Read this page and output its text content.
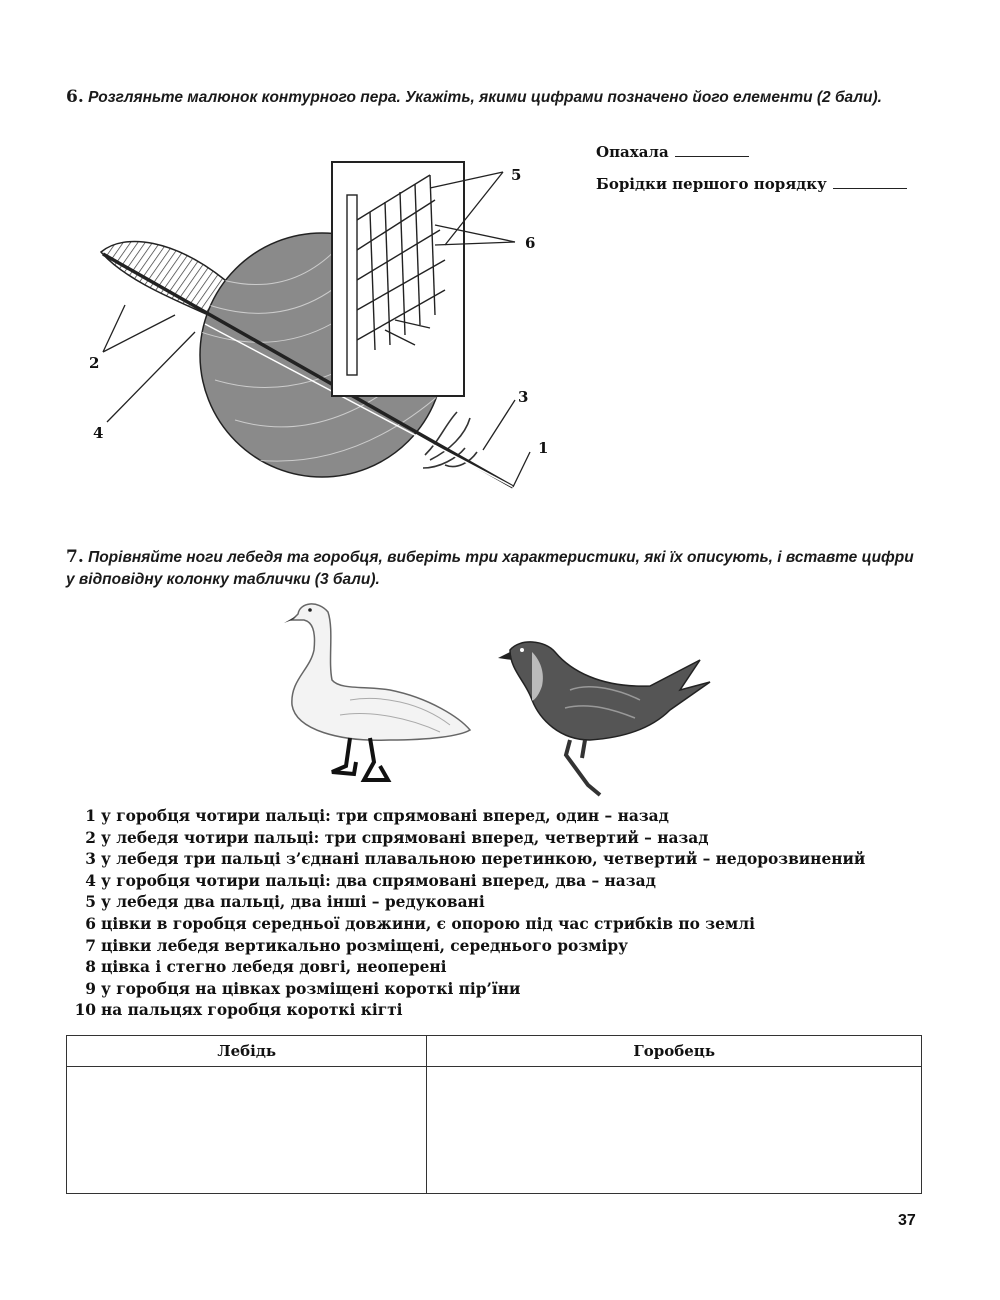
6. Розгляньте малюнок контурного пера. Укажіть, якими цифрами позначено його елементи (2 бали).
Опахала
Борідки першого порядку
5
6
2
4
3
1
7. Порівняйте ноги лебедя та горобця, виберіть три характеристики, які їх описують, і вставте цифри у відповідну колонку таблички (3 бали).
1 у горобця чотири пальці: три спрямовані вперед, один – назад
2 у лебедя чотири пальці: три спрямовані вперед, четвертий – назад
3 у лебедя три пальці з’єднані плавальною перетинкою, четвертий – недорозвинений
4 у горобця чотири пальці: два спрямовані вперед, два – назад
5 у лебедя два пальці, два інші – редуковані
6 цівки в горобця середньої довжини, є опорою під час стрибків по землі
7 цівки лебедя вертикально розміщені, середнього розміру
8 цівка і стегно лебедя довгі, неоперені
9 у горобця на цівках розміщені короткі пір’їни
10 на пальцях горобця короткі кігті
Лебідь	Горобець

37
